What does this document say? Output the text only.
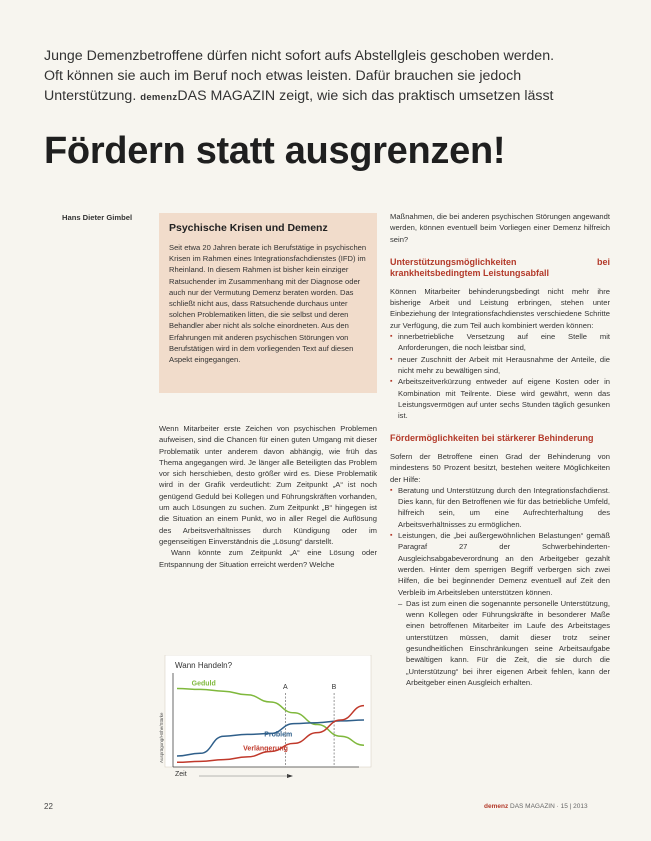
Junge Demenzbetroffene dürfen nicht sofort aufs Abstellgleis geschoben werden.
Oft können sie auch im Beruf noch etwas leisten. Dafür brauchen sie jedoch
Unterstützung. demenzDAS MAGAZIN zeigt, wie sich das praktisch umsetzen lässt
Fördern statt ausgrenzen!
Hans Dieter Gimbel
Psychische Krisen und Demenz
Seit etwa 20 Jahren berate ich Berufstätige in psychischen Krisen im Rahmen eines Integrationsfachdienstes (IFD) im Rheinland. In diesem Rahmen ist bisher kein einziger Ratsuchender im Zusammenhang mit der Diagnose oder auch nur der Vermutung Demenz beraten worden. Das schließt nicht aus, dass Ratsuchende durchaus unter solchen Problematiken litten, die sie selbst und deren Behandler aber nicht als solche einordneten. Aus den Erfahrungen mit anderen psychischen Störungen von Berufstätigen wird in dem vorliegenden Text auf diesen Aspekt eingegangen.

Wenn Mitarbeiter erste Zeichen von psychischen Problemen aufweisen, sind die Chancen für einen guten Umgang mit dieser Problematik unter anderem davon abhängig, wie früh das Thema angegangen wird. Je länger alle Beteiligten das Problem vor sich herschieben, desto größer wird es. Diese Problematik wird in der Grafik verdeutlicht: Zum Zeitpunkt „A“ ist noch genügend Geduld bei Kollegen und Führungskräften vorhanden, um auch Lösungen zu suchen. Zum Zeitpunkt „B“ hingegen ist die Situation an einem Punkt, wo in aller Regel die Auflösung des Arbeitsverhältnisses durch Kündigung oder im gegenseitigen Einverständnis die „Lösung“ darstellt.

Wann könnte zum Zeitpunkt „A“ eine Lösung oder Entspannung der Situation erreicht werden? Welche

Wann Handeln?
Ausprägung/Höhe/Stärke
Zeit
A	B
Geduld
Problem
Verlängerung

Maßnahmen, die bei anderen psychischen Störungen angewandt werden, können eventuell beim Vorliegen einer Demenz hilfreich sein?

Unterstützungsmöglichkeiten bei krankheitsbedingtem Leistungsabfall

Können Mitarbeiter behinderungsbedingt nicht mehr ihre bisherige Arbeit und Leistung erbringen, stehen unter Einbeziehung der Integrationsfachdienstes verschiedene Schritte zur Verfügung, die zum Teil auch kombiniert werden können:

▪ innerbetriebliche Versetzung auf eine Stelle mit Anforderungen, die noch leistbar sind,

▪ neuer Zuschnitt der Arbeit mit Herausnahme der Anteile, die nicht mehr zu bewältigen sind,

▪ Arbeitszeitverkürzung entweder auf eigene Kosten oder in Kombination mit Teilrente. Diese wird gewährt, wenn das Leistungsvermögen auf unter sechs Stunden täglich gesunken ist.

Fördermöglichkeiten bei stärkerer Behinderung

Sofern der Betroffene einen Grad der Behinderung von mindestens 50 Prozent besitzt, bestehen weitere Möglichkeiten der Hilfe:

▪ Beratung und Unterstützung durch den Integrationsfachdienst. Dies kann, für den Betroffenen wie für das betriebliche Umfeld, hilfreich sein, um eine Aufrechterhaltung des Arbeitsverhältnisses zu ermöglichen.

▪ Leistungen, die „bei außergewöhnlichen Belastungen“ gemäß Paragraf 27 der Schwerbehinderten-Ausgleichsabgabeverordnung an den Arbeitgeber gezahlt werden. Hinter dem sperrigen Begriff verbergen sich zwei Hilfen, die bei beginnender Demenz eventuell auf Zeit den Verbleib im Arbeitsleben unterstützen können.

– Das ist zum einen die sogenannte personelle Unterstützung, wenn Kollegen oder Führungskräfte in besonderer Maße einen betroffenen Mitarbeiter im Laufe des Arbeitstages unterstützen müssen, damit dieser trotz seiner gesundheitlichen Einschränkungen seine Arbeitsaufgabe bewältigen kann. Für die Zeit, die sie durch die „Unterstützung“ bei ihrer eigenen Arbeit fehlen, kann der Arbeitgeber einen Ausgleich erhalten.

22	demenz DAS MAGAZIN · 15 | 2013
